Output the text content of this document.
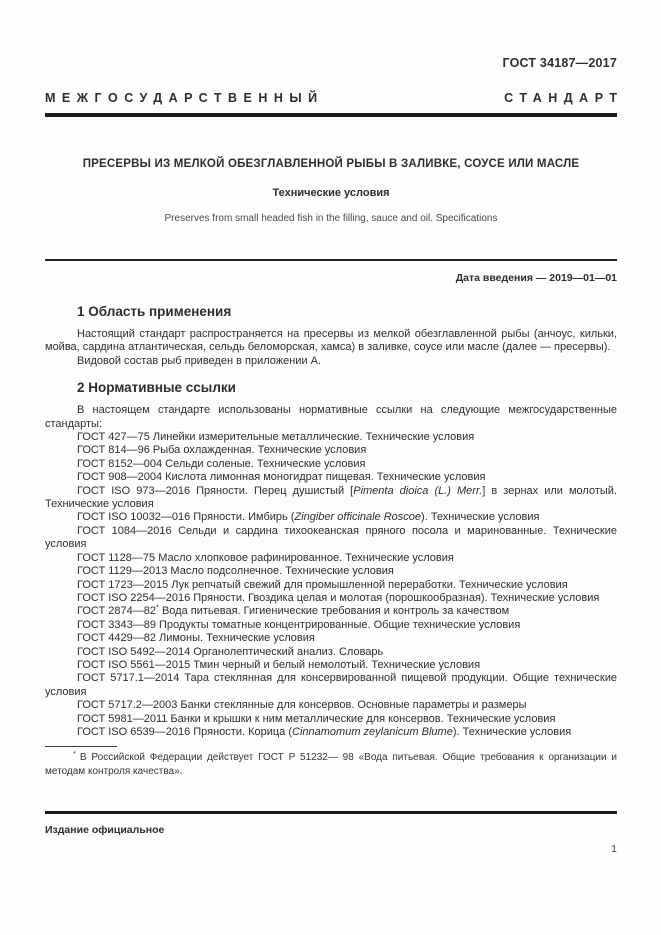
ГОСТ 34187—2017
МЕЖГОСУДАРСТВЕННЫЙ	СТАНДАРТ
ПРЕСЕРВЫ ИЗ МЕЛКОЙ ОБЕЗГЛАВЛЕННОЙ РЫБЫ В ЗАЛИВКЕ, СОУСЕ ИЛИ МАСЛЕ
Технические условия
Preserves from small headed fish in the filling, sauce and oil. Specifications
Дата введения — 2019—01—01
1 Область применения

Настоящий стандарт распространяется на пресервы из мелкой обезглавленной рыбы (анчоус, кильки, мойва, сардина атлантическая, сельдь беломорская, хамса) в заливке, соусе или масле (далее — пресервы).

Видовой состав рыб приведен в приложении А.

2 Нормативные ссылки

В настоящем стандарте использованы нормативные ссылки на следующие межгосударственные стандарты:

ГОСТ 427—75 Линейки измерительные металлические. Технические условия

ГОСТ 814—96 Рыба охлажденная. Технические условия

ГОСТ 8152—004 Сельди соленые. Технические условия

ГОСТ 908—2004 Кислота лимонная моногидрат пищевая. Технические условия

ГОСТ ISO 973—2016 Пряности. Перец душистый [Pimenta dioica (L.) Merr.] в зернах или молотый. Технические условия

ГОСТ ISO 10032—016 Пряности. Имбирь (Zingiber officinale Roscoe). Технические условия

ГОСТ 1084—2016 Сельди и сардина тихоокеанская пряного посола и маринованные. Технические условия

ГОСТ 1128—75 Масло хлопковое рафинированное. Технические условия

ГОСТ 1129—2013 Масло подсолнечное. Технические условия

ГОСТ 1723—2015 Лук репчатый свежий для промышленной переработки. Технические условия

ГОСТ ISO 2254—2016 Пряности. Гвоздика целая и молотая (порошкообразная). Технические условия

ГОСТ 2874—82* Вода питьевая. Гигиенические требования и контроль за качеством

ГОСТ 3343—89 Продукты томатные концентрированные. Общие технические условия

ГОСТ 4429—82 Лимоны. Технические условия

ГОСТ ISO 5492—2014 Органолептический анализ. Словарь

ГОСТ ISO 5561—2015 Тмин черный и белый немолотый. Технические условия

ГОСТ 5717.1—2014 Тара стеклянная для консервированной пищевой продукции. Общие технические условия

ГОСТ 5717.2—2003 Банки стеклянные для консервов. Основные параметры и размеры

ГОСТ 5981—2011 Банки и крышки к ним металлические для консервов. Технические условия

ГОСТ ISO 6539—2016 Пряности. Корица (Cinnamomum zeylanicum Blume). Технические условия

* В Российской Федерации действует ГОСТ Р 51232— 98 «Вода питьевая. Общие требования к организации и методам контроля качества».

Издание официальное
1
